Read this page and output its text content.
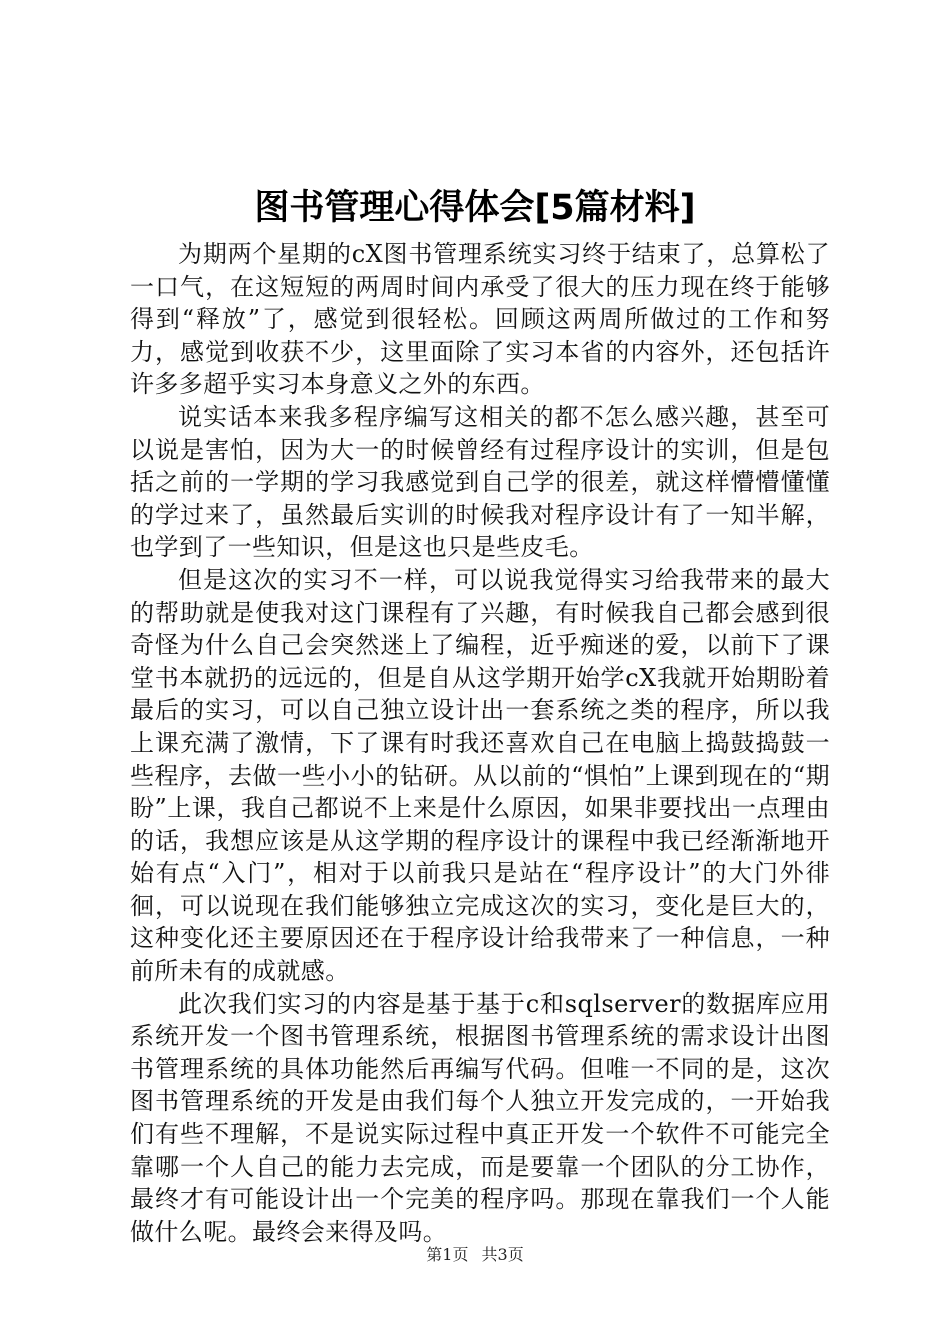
图书管理心得体会[5篇材料]

为期两个星期的cX图书管理系统实习终于结束了，总算松了一口气，在这短短的两周时间内承受了很大的压力现在终于能够得到“释放”了，感觉到很轻松。回顾这两周所做过的工作和努力，感觉到收获不少，这里面除了实习本省的内容外，还包括许许多多超乎实习本身意义之外的东西。

说实话本来我多程序编写这相关的都不怎么感兴趣，甚至可以说是害怕，因为大一的时候曾经有过程序设计的实训，但是包括之前的一学期的学习我感觉到自己学的很差，就这样懵懵懂懂的学过来了，虽然最后实训的时候我对程序设计有了一知半解，也学到了一些知识，但是这也只是些皮毛。

但是这次的实习不一样，可以说我觉得实习给我带来的最大的帮助就是使我对这门课程有了兴趣，有时候我自己都会感到很奇怪为什么自己会突然迷上了编程，近乎痴迷的爱，以前下了课堂书本就扔的远远的，但是自从这学期开始学cX我就开始期盼着最后的实习，可以自己独立设计出一套系统之类的程序，所以我上课充满了激情，下了课有时我还喜欢自己在电脑上捣鼓捣鼓一些程序，去做一些小小的钻研。从以前的“惧怕”上课到现在的“期盼”上课，我自己都说不上来是什么原因，如果非要找出一点理由的话，我想应该是从这学期的程序设计的课程中我已经渐渐地开始有点“入门”，相对于以前我只是站在“程序设计”的大门外徘徊，可以说现在我们能够独立完成这次的实习，变化是巨大的，这种变化还主要原因还在于程序设计给我带来了一种信息，一种前所未有的成就感。

此次我们实习的内容是基于基于c和sqlserver的数据库应用系统开发一个图书管理系统，根据图书管理系统的需求设计出图书管理系统的具体功能然后再编写代码。但唯一不同的是，这次图书管理系统的开发是由我们每个人独立开发完成的，一开始我们有些不理解，不是说实际过程中真正开发一个软件不可能完全靠哪一个人自己的能力去完成，而是要靠一个团队的分工协作，最终才有可能设计出一个完美的程序吗。那现在靠我们一个人能做什么呢。最终会来得及吗。

第1页 共3页
